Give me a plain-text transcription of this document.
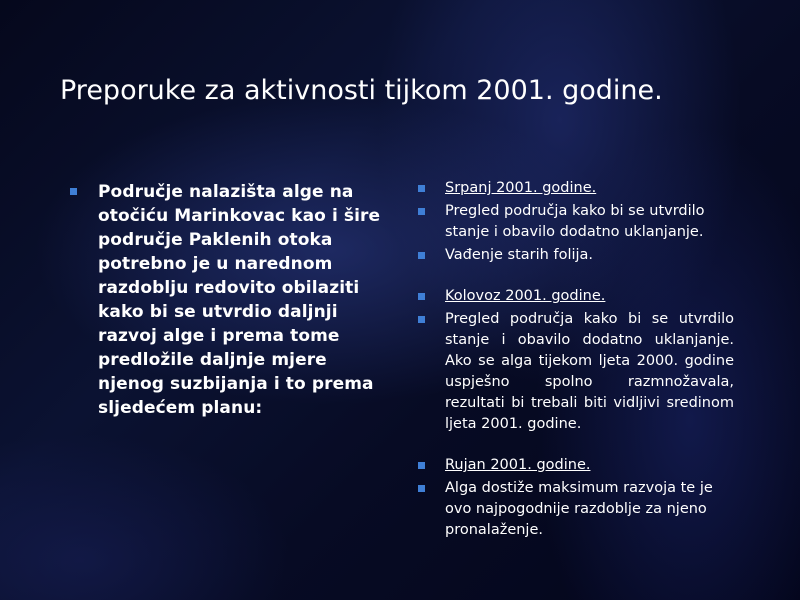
Preporuke za aktivnosti tijkom 2001. godine.
Područje nalazišta alge na otočiću Marinkovac kao i šire područje Paklenih otoka potrebno je u narednom razdoblju redovito obilaziti kako bi se utvrdio daljnji razvoj alge i prema tome predložile daljnje mjere njenog suzbijanja i to prema sljedećem planu:
Srpanj 2001. godine.
Pregled područja kako bi se utvrdilo stanje i obavilo dodatno uklanjanje.
Vađenje starih folija.
Kolovoz 2001. godine.
Pregled područja kako bi se utvrdilo stanje i obavilo dodatno uklanjanje. Ako se alga tijekom ljeta 2000. godine uspješno spolno razmnožavala, rezultati bi trebali biti vidljivi sredinom ljeta 2001. godine.
Rujan 2001. godine.
Alga dostiže maksimum razvoja te je ovo najpogodnije razdoblje za njeno pronalaženje.
